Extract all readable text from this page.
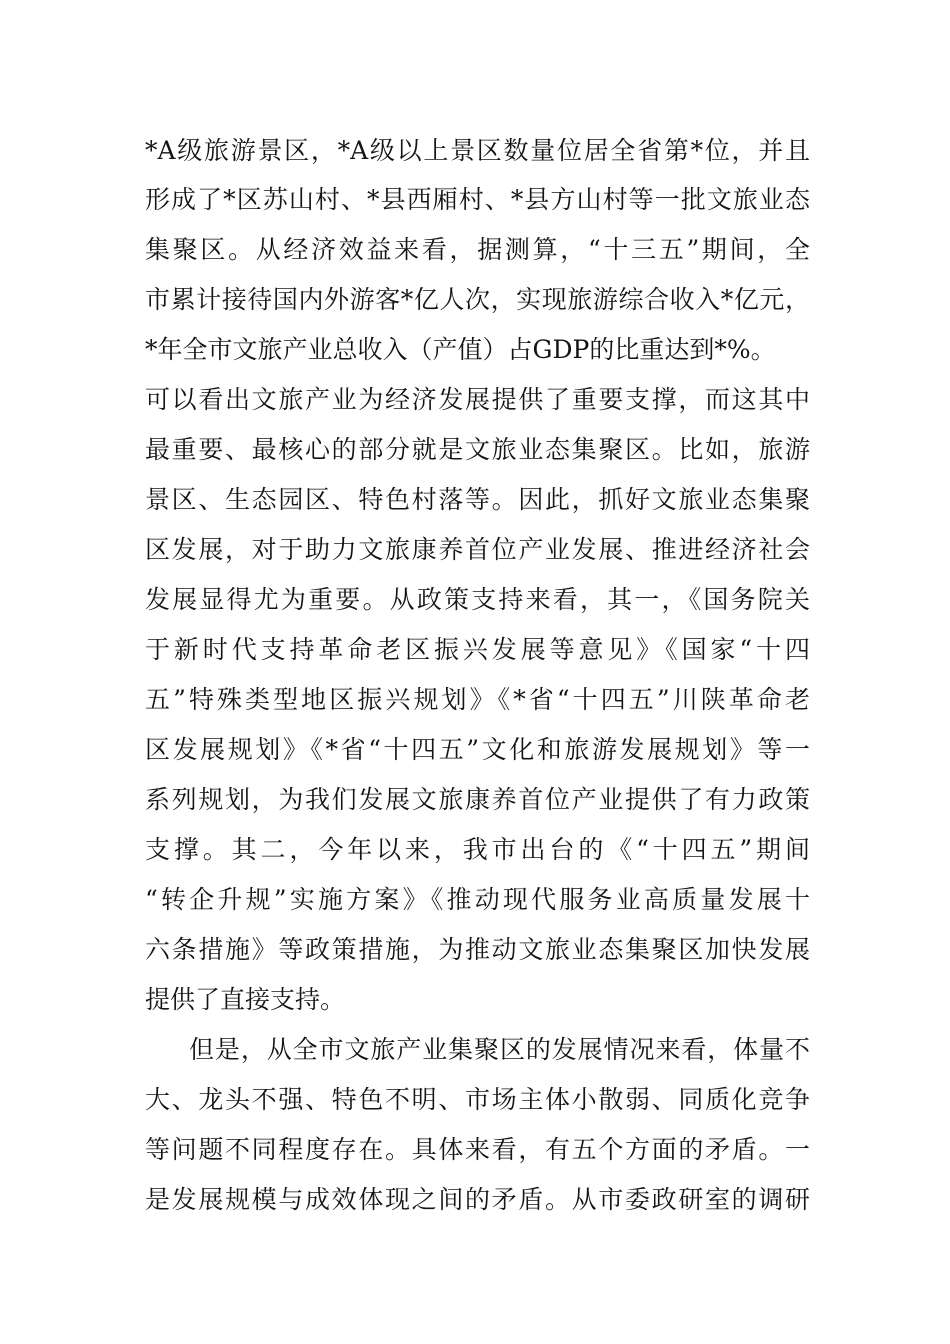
*A级旅游景区，*A级以上景区数量位居全省第*位，并且
形成了*区苏山村、*县西厢村、*县方山村等一批文旅业态
集聚区。从经济效益来看，据测算，“十三五”期间，全
市累计接待国内外游客*亿人次，实现旅游综合收入*亿元，
*年全市文旅产业总收入（产值）占GDP的比重达到*%。
可以看出文旅产业为经济发展提供了重要支撑，而这其中
最重要、最核心的部分就是文旅业态集聚区。比如，旅游
景区、生态园区、特色村落等。因此，抓好文旅业态集聚
区发展，对于助力文旅康养首位产业发展、推进经济社会
发展显得尤为重要。从政策支持来看，其一，《国务院关
于新时代支持革命老区振兴发展等意见》《国家“十四
五”特殊类型地区振兴规划》《*省“十四五”川陕革命老
区发展规划》《*省“十四五”文化和旅游发展规划》等一
系列规划，为我们发展文旅康养首位产业提供了有力政策
支撑。其二，今年以来，我市出台的《“十四五”期间
“转企升规”实施方案》《推动现代服务业高质量发展十
六条措施》等政策措施，为推动文旅业态集聚区加快发展
提供了直接支持。
但是，从全市文旅产业集聚区的发展情况来看，体量不
大、龙头不强、特色不明、市场主体小散弱、同质化竞争
等问题不同程度存在。具体来看，有五个方面的矛盾。一
是发展规模与成效体现之间的矛盾。从市委政研室的调研
